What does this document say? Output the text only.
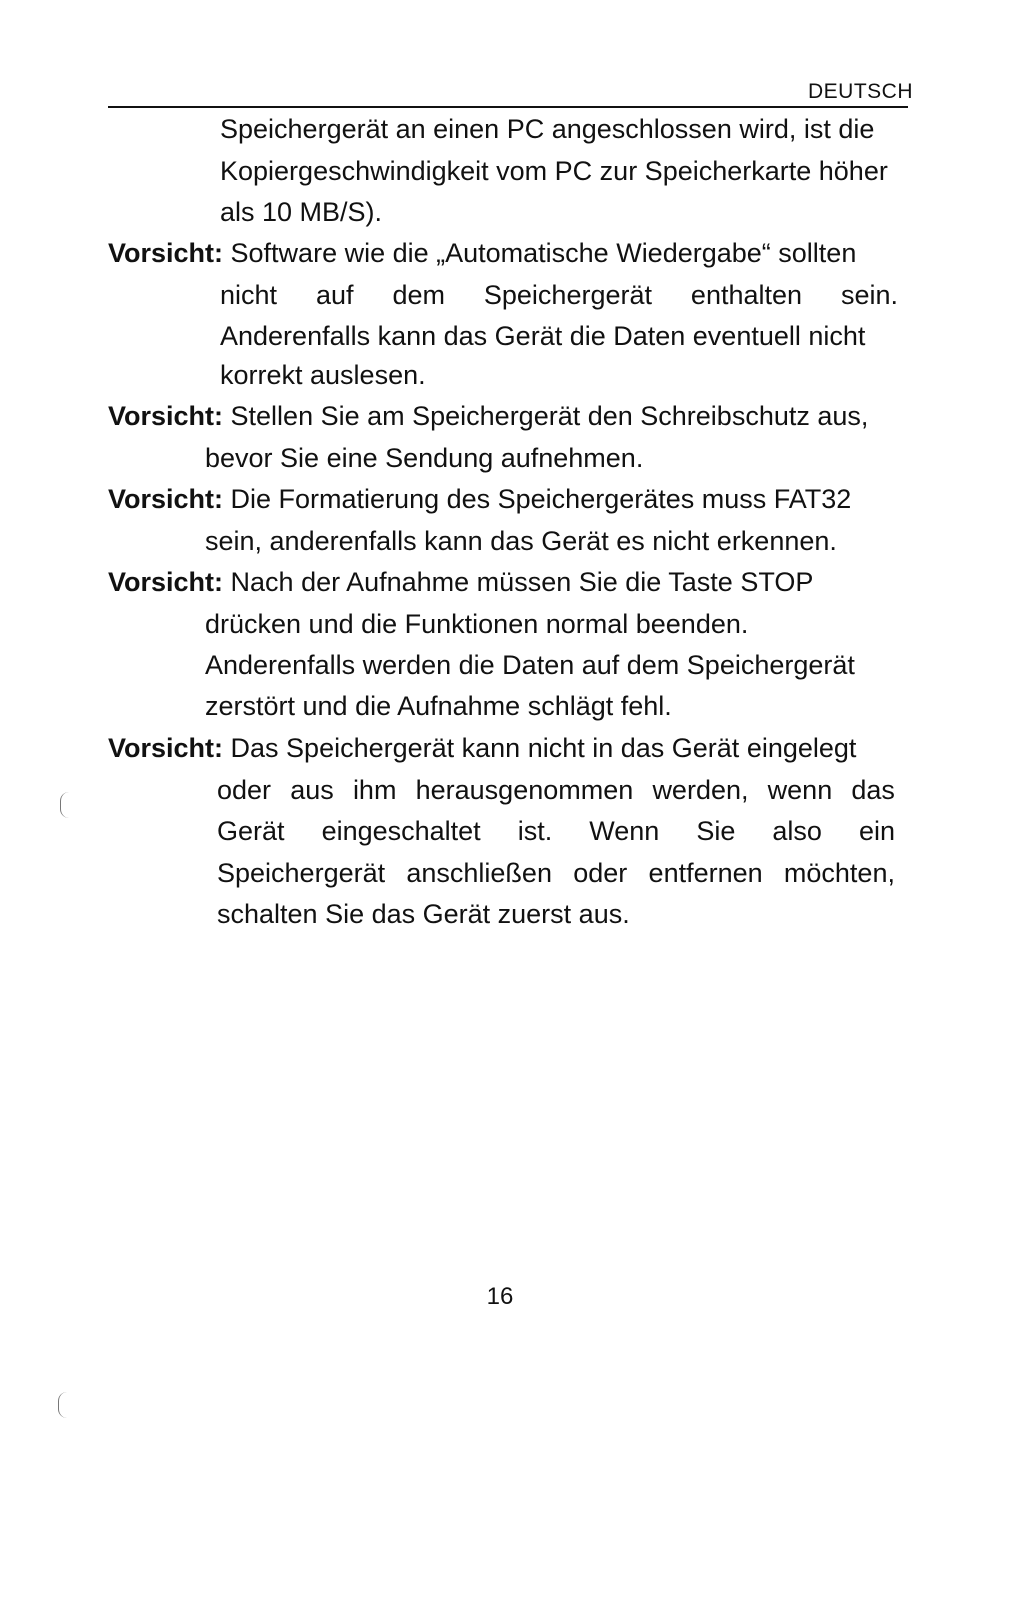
DEUTSCH
Speichergerät an einen PC angeschlossen wird, ist die
Kopiergeschwindigkeit vom PC zur Speicherkarte höher
als 10 MB/S).
Vorsicht: Software wie die „Automatische Wiedergabe“ sollten
nicht auf dem Speichergerät enthalten sein.
Anderenfalls kann das Gerät die Daten eventuell nicht
korrekt auslesen.
Vorsicht: Stellen Sie am Speichergerät den Schreibschutz aus,
bevor Sie eine Sendung aufnehmen.
Vorsicht: Die Formatierung des Speichergerätes muss FAT32
sein, anderenfalls kann das Gerät es nicht erkennen.
Vorsicht: Nach der Aufnahme müssen Sie die Taste STOP
drücken und die Funktionen normal beenden.
Anderenfalls werden die Daten auf dem Speichergerät
zerstört und die Aufnahme schlägt fehl.
Vorsicht: Das Speichergerät kann nicht in das Gerät eingelegt
oder aus ihm herausgenommen werden, wenn das
Gerät eingeschaltet ist. Wenn Sie also ein
Speichergerät anschließen oder entfernen möchten,
schalten Sie das Gerät zuerst aus.
16
